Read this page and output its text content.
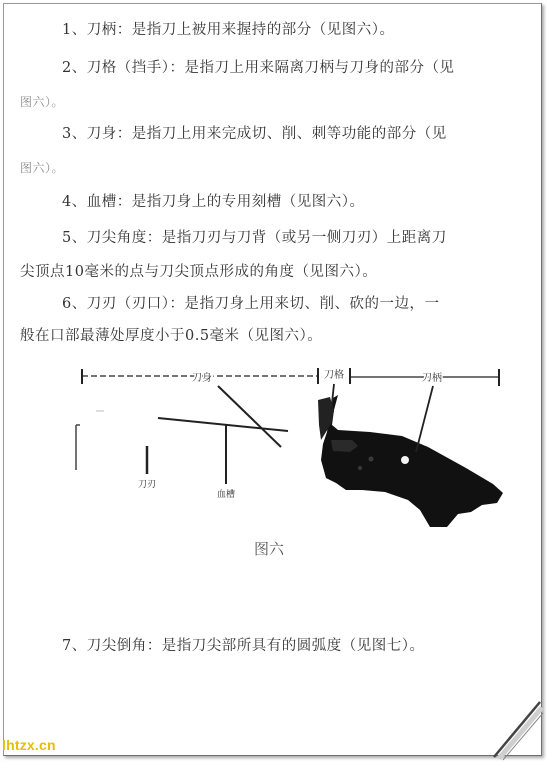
1、刀柄：是指刀上被用来握持的部分（见图六）。

2、刀格（挡手）：是指刀上用来隔离刀柄与刀身的部分（见

图六）。

3、刀身：是指刀上用来完成切、削、刺等功能的部分（见

图六）。

4、血槽：是指刀身上的专用刻槽（见图六）。

5、刀尖角度：是指刀刃与刀背（或另一侧刀刃）上距离刀

尖顶点10毫米的点与刀尖顶点形成的角度（见图六）。

6、刀刃（刃口）：是指刀身上用来切、削、砍的一边，一

般在口部最薄处厚度小于0.5毫米（见图六）。

刀身	刀格	刀柄
刀刃
血槽
图六

7、刀尖倒角：是指刀尖部所具有的圆弧度（见图七）。

lhtzx.cn
